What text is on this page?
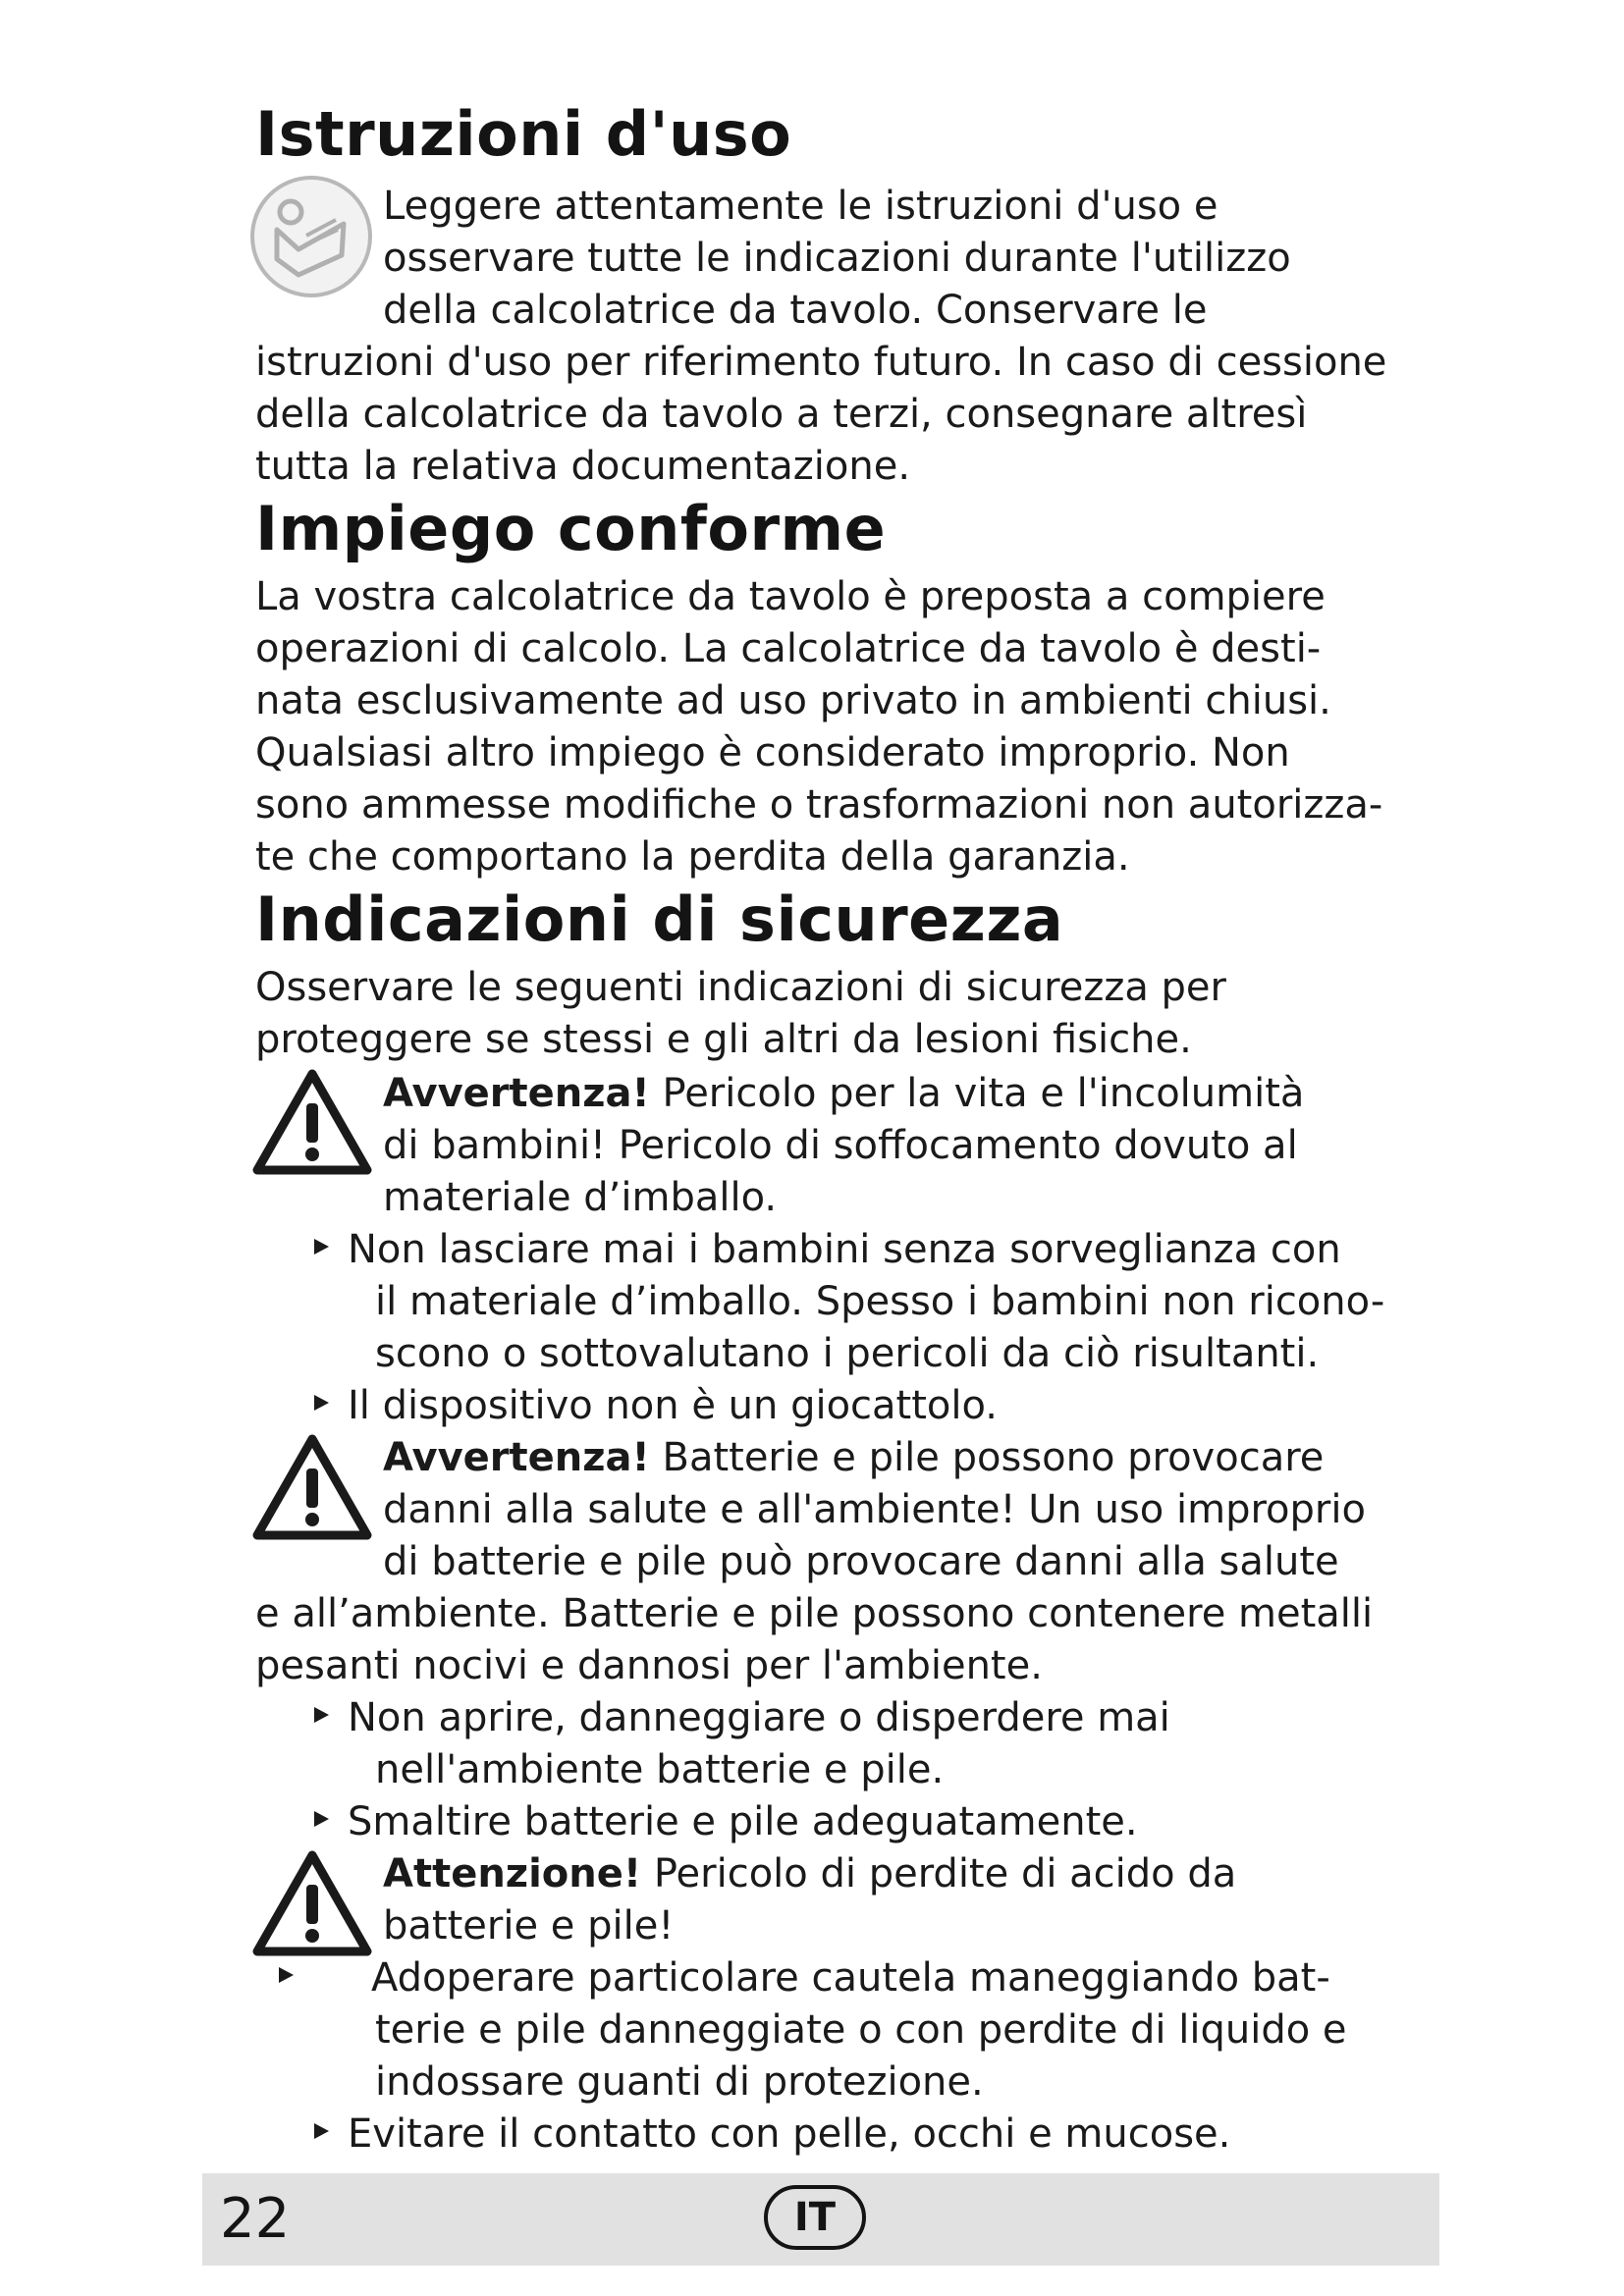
Istruzioni d'uso
Leggere attentamente le istruzioni d'uso e
osservare tutte le indicazioni durante l'utilizzo
della calcolatrice da tavolo. Conservare le
istruzioni d'uso per riferimento futuro. In caso di cessione
della calcolatrice da tavolo a terzi, consegnare altresì
tutta la relativa documentazione.
Impiego conforme
La vostra calcolatrice da tavolo è preposta a compiere
operazioni di calcolo. La calcolatrice da tavolo è desti-
nata esclusivamente ad uso privato in ambienti chiusi.
Qualsiasi altro impiego è considerato improprio. Non
sono ammesse modifiche o trasformazioni non autorizza-
te che comportano la perdita della garanzia.
Indicazioni di sicurezza
Osservare le seguenti indicazioni di sicurezza per
proteggere se stessi e gli altri da lesioni fisiche.
Avvertenza! Pericolo per la vita e l'incolumità
di bambini! Pericolo di soffocamento dovuto al
materiale d’imballo.
Non lasciare mai i bambini senza sorveglianza con
il materiale d’imballo. Spesso i bambini non ricono-
scono o sottovalutano i pericoli da ciò risultanti.
Il dispositivo non è un giocattolo.
Avvertenza! Batterie e pile possono provocare
danni alla salute e all'ambiente! Un uso improprio
di batterie e pile può provocare danni alla salute
e all’ambiente. Batterie e pile possono contenere metalli
pesanti nocivi e dannosi per l'ambiente.
Non aprire, danneggiare o disperdere mai
nell'ambiente batterie e pile.
Smaltire batterie e pile adeguatamente.
Attenzione! Pericolo di perdite di acido da
batterie e pile!
Adoperare particolare cautela maneggiando bat-
terie e pile danneggiate o con perdite di liquido e
indossare guanti di protezione.
Evitare il contatto con pelle, occhi e mucose.
22	IT
